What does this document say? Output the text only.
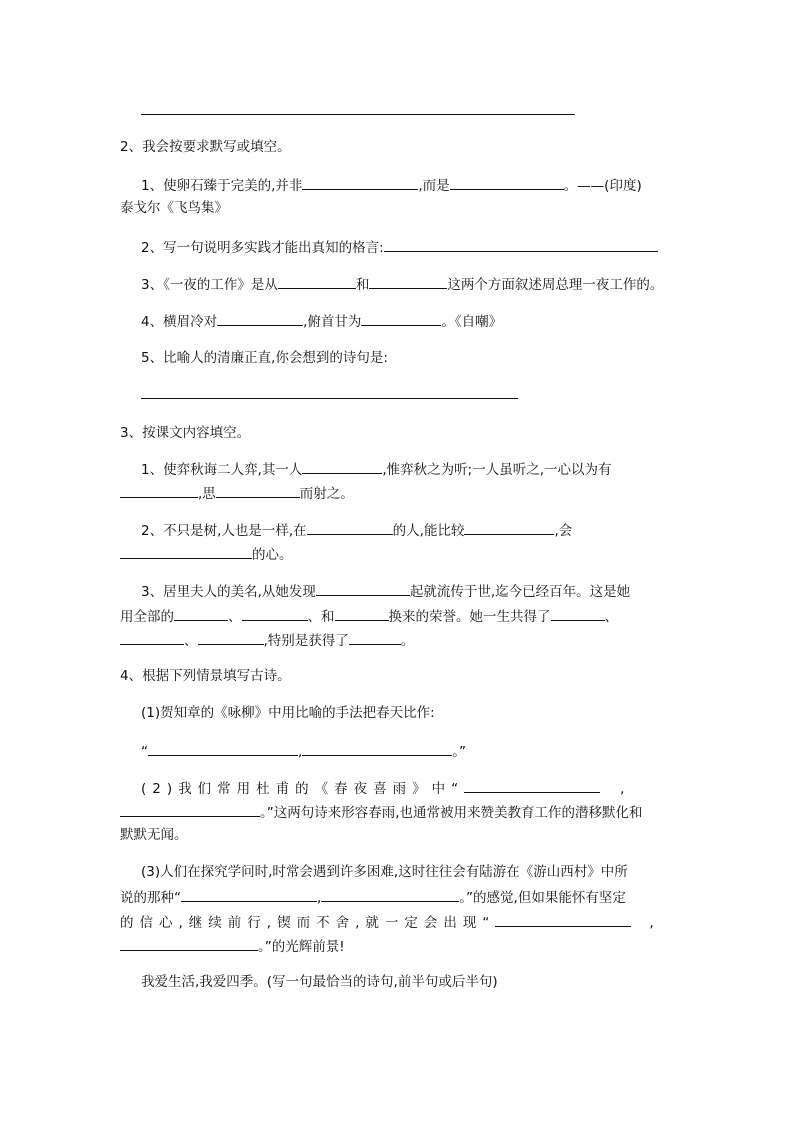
2、我会按要求默写或填空。
1、使卵石臻于完美的,并非	,而是	。——(印度)
泰戈尔《飞鸟集》
2、写一句说明多实践才能出真知的格言:
3、《一夜的工作》是从	和	这两个方面叙述周总理一夜工作的。
4、横眉冷对	,俯首甘为	。《自嘲》
5、比喻人的清廉正直,你会想到的诗句是:
3、按课文内容填空。
1、使弈秋诲二人弈,其一人	,惟弈秋之为听;一人虽听之,一心以为有
,思	而射之。
2、不只是树,人也是一样,在	的人,能比较	,会
的心。
3、居里夫人的美名,从她发现	起就流传于世,迄今已经百年。这是她
用全部的	、	、和	换来的荣誉。她一生共得了	、
、	,特别是获得了	。
4、根据下列情景填写古诗。
(1)贺知章的《咏柳》中用比喻的手法把春天比作:
“	,	。”
(2)我们常用杜甫的《春夜喜雨》中“	,
。”这两句诗来形容春雨,也通常被用来赞美教育工作的潜移默化和
默默无闻。
(3)人们在探究学问时,时常会遇到许多困难,这时往往会有陆游在《游山西村》中所
说的那种“	,	。”的感觉,但如果能怀有坚定
的信心,继续前行,锲而不舍,就一定会出现“	,
。”的光辉前景!
我爱生活,我爱四季。(写一句最恰当的诗句,前半句或后半句)
